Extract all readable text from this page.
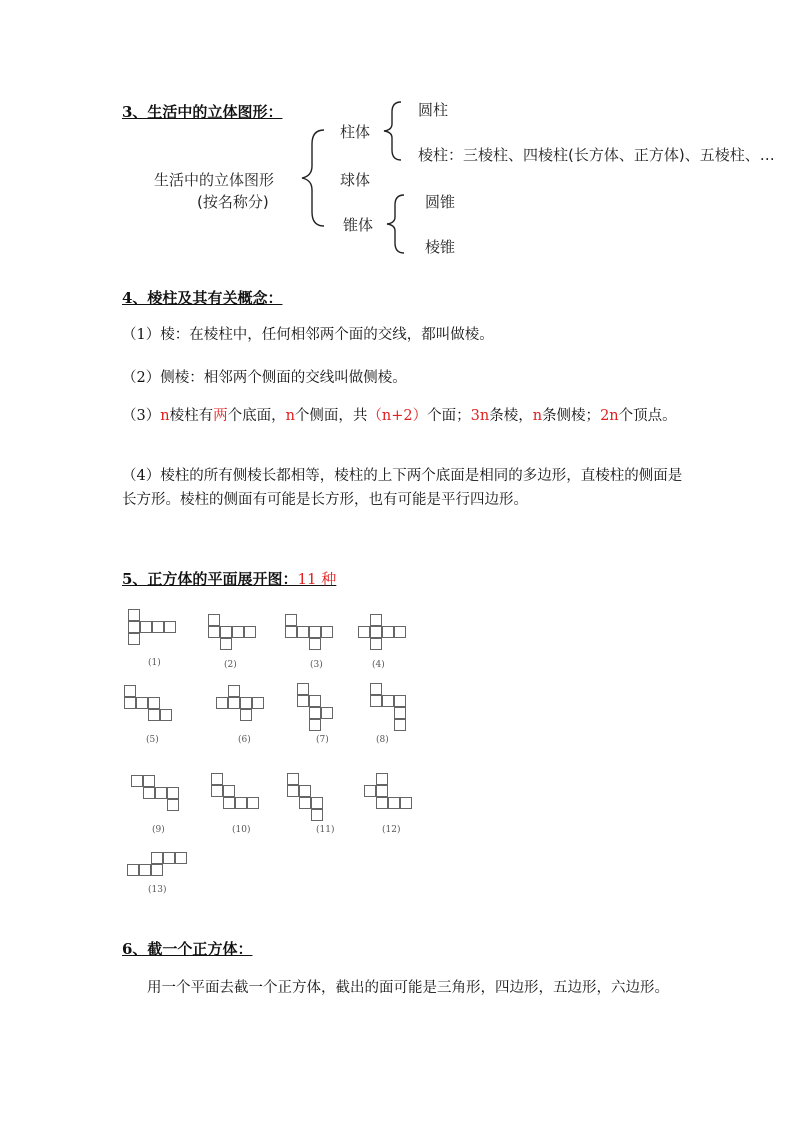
3、生活中的立体图形：
生活中的立体图形
(按名称分)
柱体
球体
锥体
圆柱
棱柱：三棱柱、四棱柱(长方体、正方体)、五棱柱、…
圆锥
棱锥
4、棱柱及其有关概念：
（1）棱：在棱柱中，任何相邻两个面的交线，都叫做棱。
（2）侧棱：相邻两个侧面的交线叫做侧棱。
（3）n棱柱有两个底面，n个侧面，共（n+2）个面；3n条棱，n条侧棱；2n个顶点。
（4）棱柱的所有侧棱长都相等，棱柱的上下两个底面是相同的多边形，直棱柱的侧面是长方形。棱柱的侧面有可能是长方形，也有可能是平行四边形。
5、正方体的平面展开图：11 种
(1)	(2)	(3)	(4)
(5)	(6)	(7)	(8)
(9)	(10)	(11)	(12)
(13)
6、截一个正方体：
用一个平面去截一个正方体，截出的面可能是三角形，四边形，五边形，六边形。
